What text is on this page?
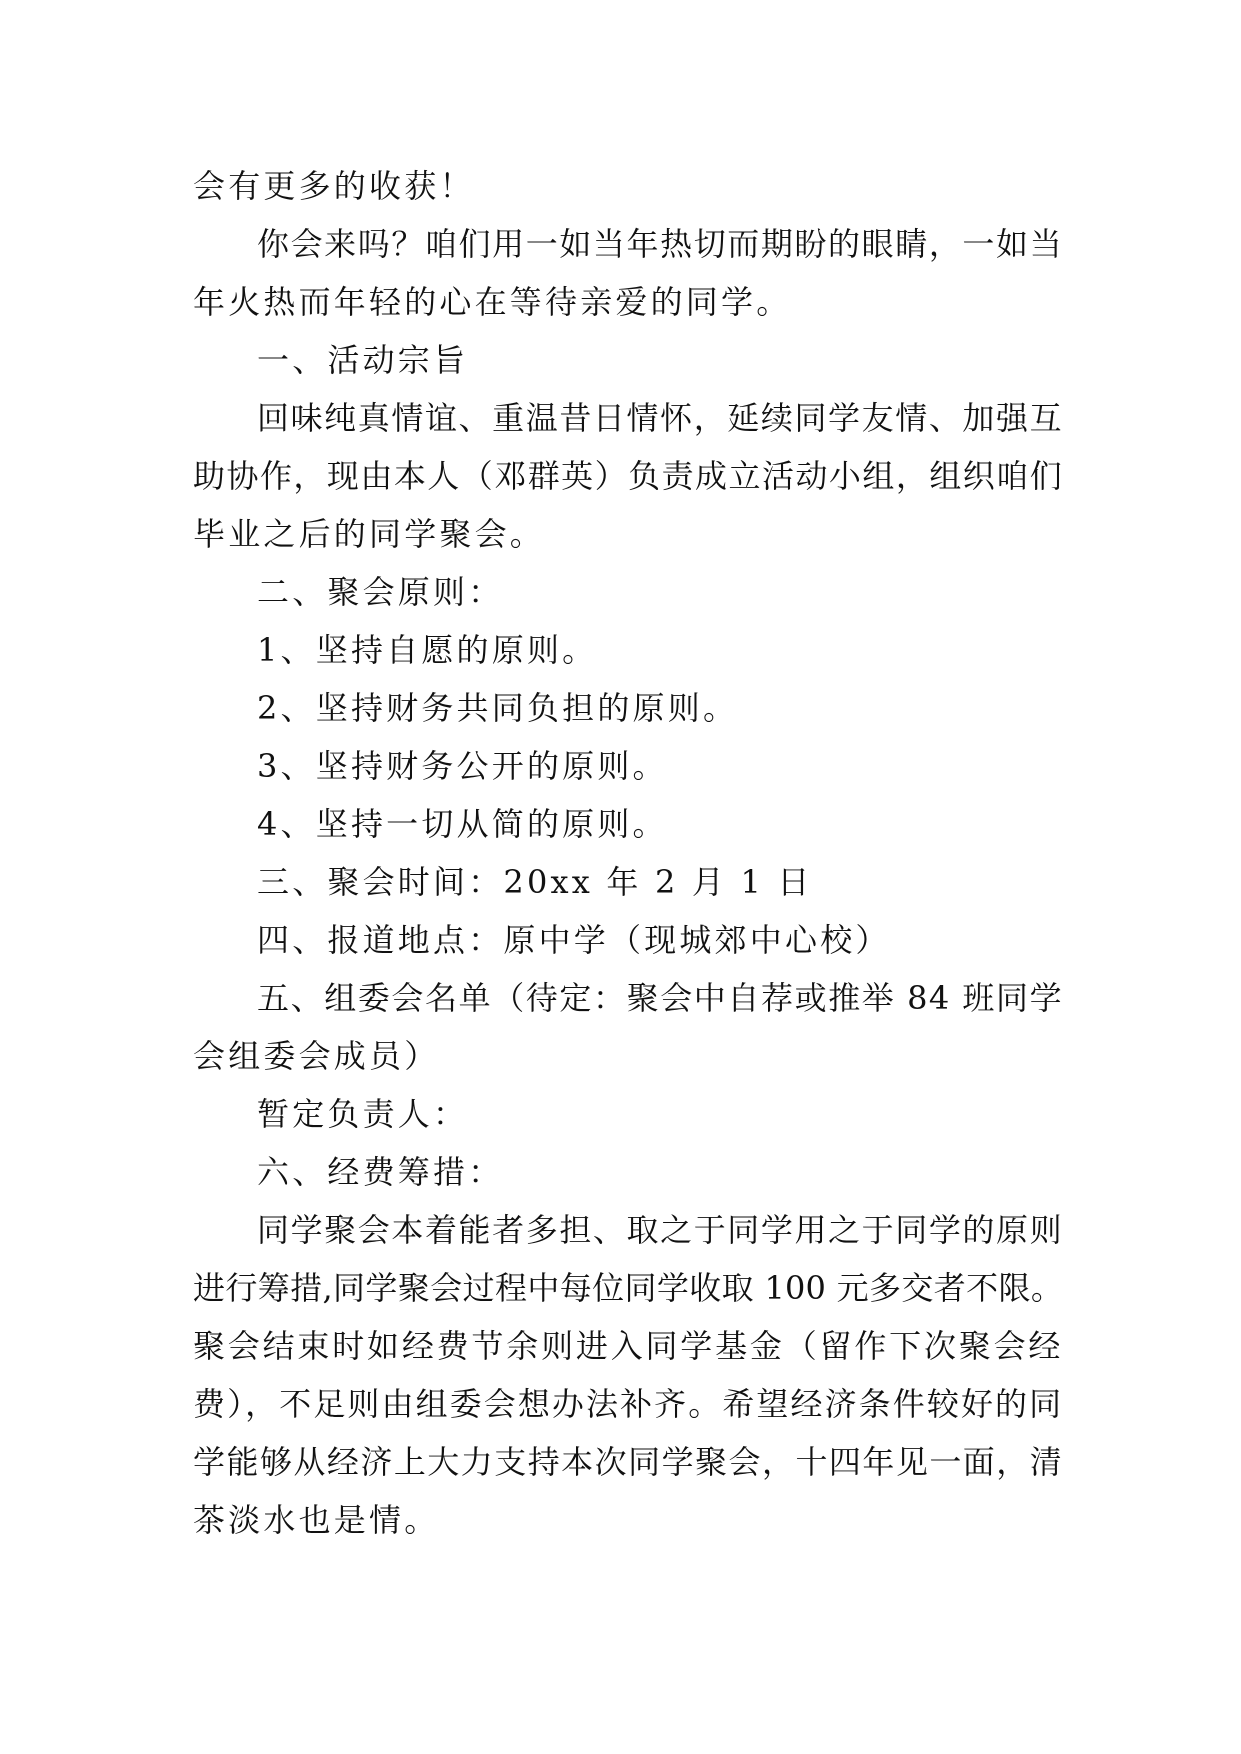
会有更多的收获！
你会来吗？咱们用一如当年热切而期盼的眼睛，一如当
年火热而年轻的心在等待亲爱的同学。
一、活动宗旨
回味纯真情谊、重温昔日情怀，延续同学友情、加强互
助协作，现由本人（邓群英）负责成立活动小组，组织咱们
毕业之后的同学聚会。
二、聚会原则：
1、坚持自愿的原则。
2、坚持财务共同负担的原则。
3、坚持财务公开的原则。
4、坚持一切从简的原则。
三、聚会时间：20xx 年 2 月 1 日
四、报道地点：原中学（现城郊中心校）
五、组委会名单（待定：聚会中自荐或推举 84 班同学
会组委会成员）
暂定负责人：
六、经费筹措：
同学聚会本着能者多担、取之于同学用之于同学的原则
进行筹措,同学聚会过程中每位同学收取 100 元多交者不限。
聚会结束时如经费节余则进入同学基金（留作下次聚会经
费），不足则由组委会想办法补齐。希望经济条件较好的同
学能够从经济上大力支持本次同学聚会，十四年见一面，清
茶淡水也是情。
